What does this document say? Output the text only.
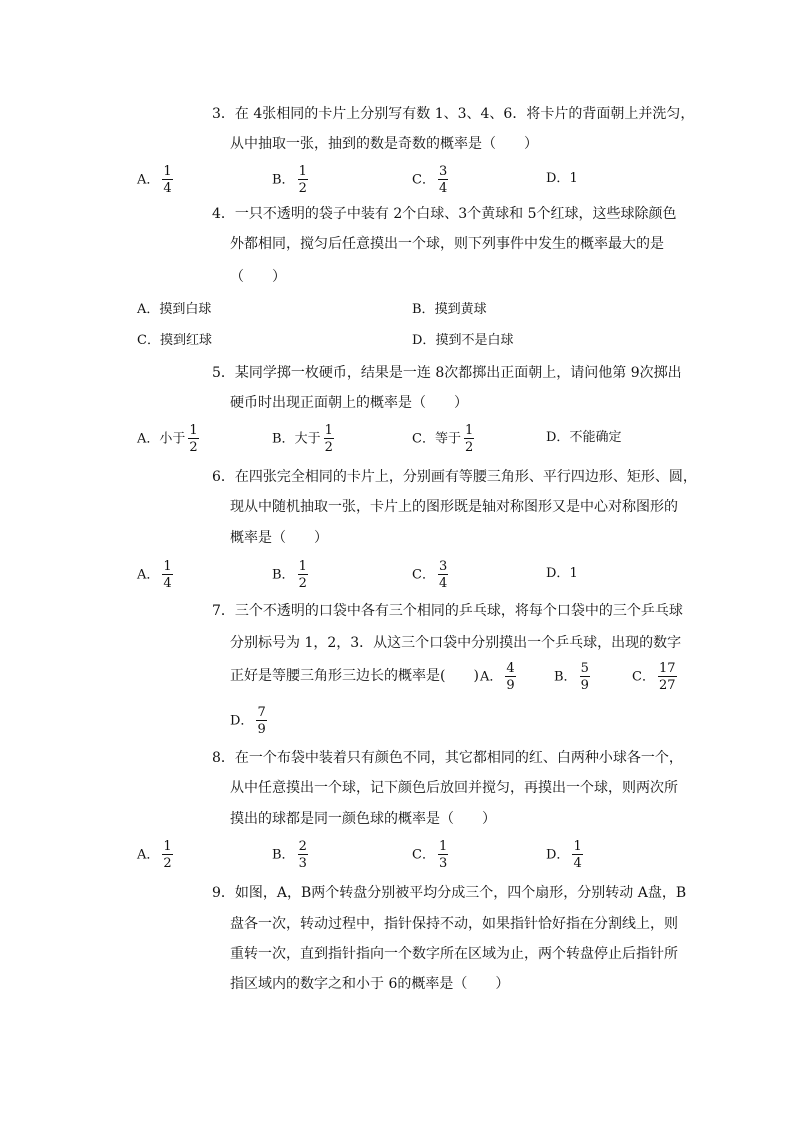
3．在 4张相同的卡片上分别写有数 1、3、4、6．将卡片的背面朝上并洗匀，
从中抽取一张，抽到的数是奇数的概率是（　　）
A． $\frac{1}{4}$	B． $\frac{1}{2}$	C． $\frac{3}{4}$	D．1
4．一只不透明的袋子中装有 2个白球、3个黄球和 5个红球，这些球除颜色
外都相同，搅匀后任意摸出一个球，则下列事件中发生的概率最大的是
（　　）
A．摸到白球	B．摸到黄球
C．摸到红球	D．摸到不是白球
5．某同学掷一枚硬币，结果是一连 8次都掷出正面朝上，请问他第 9次掷出
硬币时出现正面朝上的概率是（　　）
A．小于 $\frac{1}{2}$	B．大于 $\frac{1}{2}$	C．等于 $\frac{1}{2}$	D．不能确定
6．在四张完全相同的卡片上，分别画有等腰三角形、平行四边形、矩形、圆，
现从中随机抽取一张，卡片上的图形既是轴对称图形又是中心对称图形的
概率是（　　）
A． $\frac{1}{4}$	B． $\frac{1}{2}$	C． $\frac{3}{4}$	D．1
7．三个不透明的口袋中各有三个相同的乒乓球，将每个口袋中的三个乒乓球
分别标号为 1，2，3．从这三个口袋中分别摸出一个乒乓球，出现的数字
正好是等腰三角形三边长的概率是(　　) A． $\frac{4}{9}$	B． $\frac{5}{9}$	C． $\frac{17}{27}$
D． $\frac{7}{9}$
8．在一个布袋中装着只有颜色不同，其它都相同的红、白两种小球各一个，
从中任意摸出一个球，记下颜色后放回并搅匀，再摸出一个球，则两次所
摸出的球都是同一颜色球的概率是（　　）
A． $\frac{1}{2}$	B． $\frac{2}{3}$	C． $\frac{1}{3}$	D． $\frac{1}{4}$
9．如图，A，B两个转盘分别被平均分成三个，四个扇形，分别转动 A盘，B
盘各一次，转动过程中，指针保持不动，如果指针恰好指在分割线上，则
重转一次，直到指针指向一个数字所在区域为止，两个转盘停止后指针所
指区域内的数字之和小于 6的概率是（　　）
